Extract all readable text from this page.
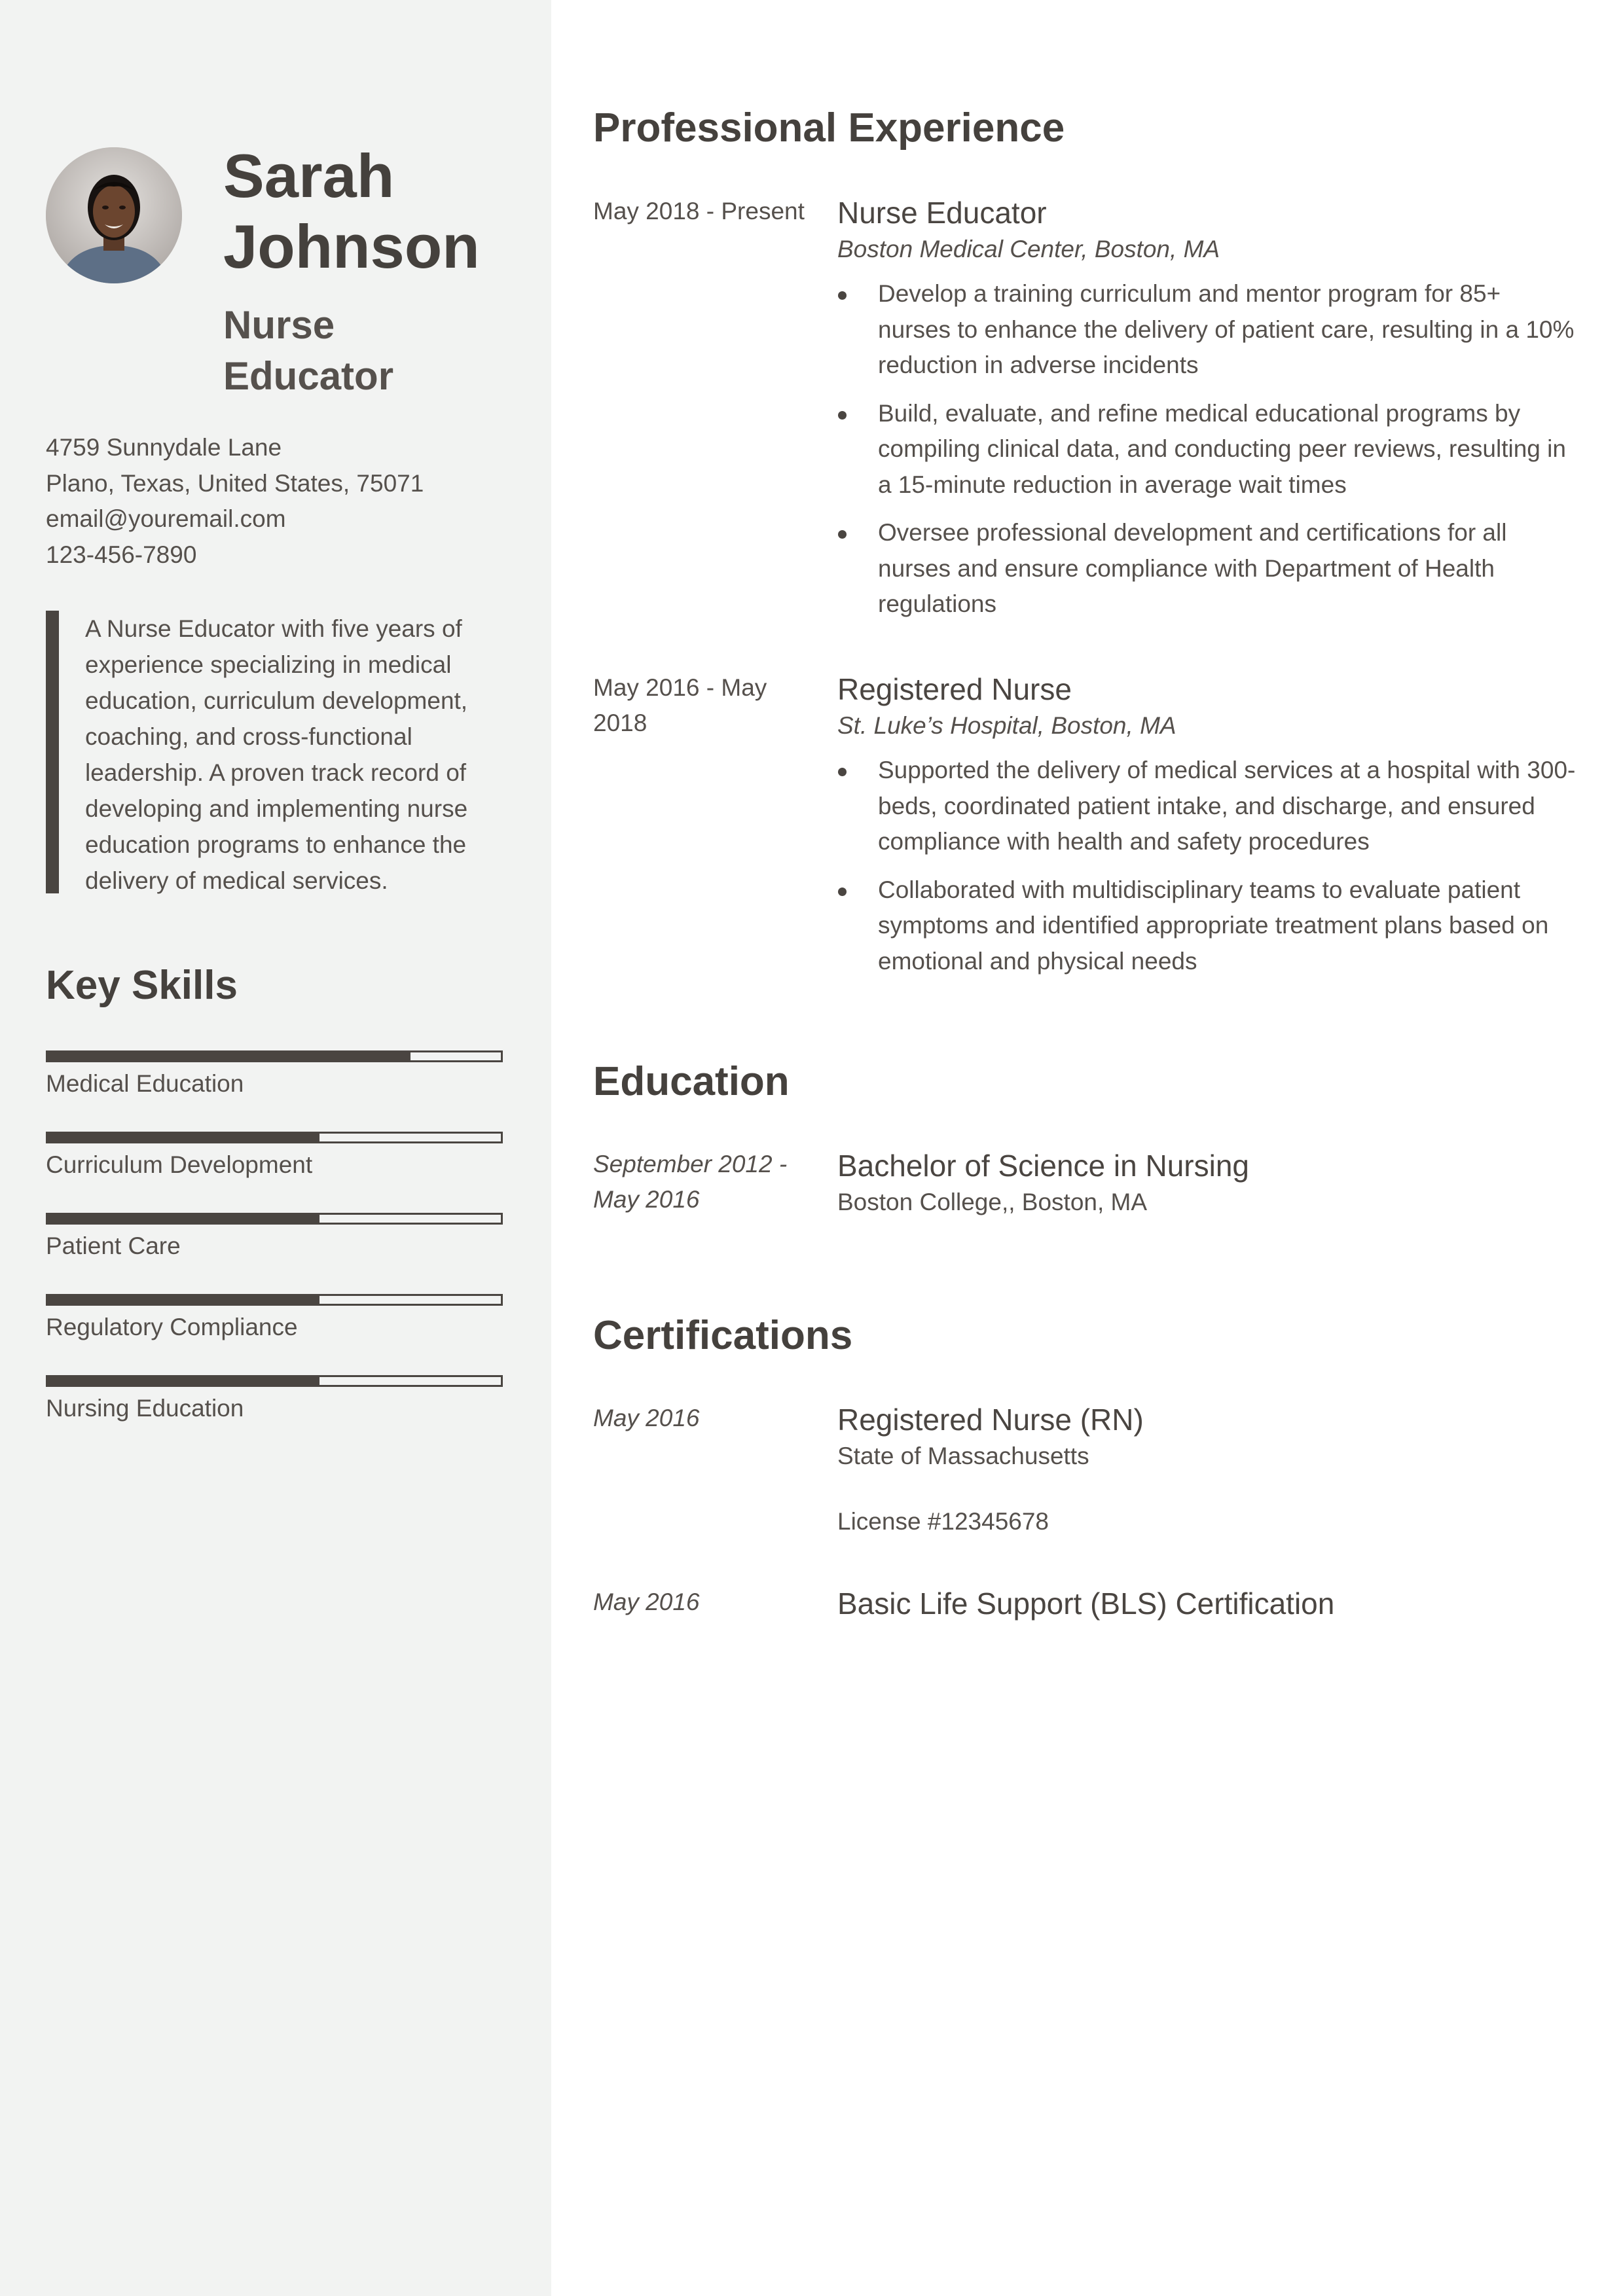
Sarah
Johnson
Nurse
Educator
4759 Sunnydale Lane
Plano, Texas, United States, 75071
email@youremail.com
123-456-7890
A Nurse Educator with five years of experience specializing in medical education, curriculum development, coaching, and cross-functional leadership. A proven track record of developing and implementing nurse education programs to enhance the delivery of medical services.
Key Skills
Medical Education
Curriculum Development
Patient Care
Regulatory Compliance
Nursing Education
Professional Experience
May 2018 - Present Nurse Educator
Boston Medical Center, Boston, MA
Develop a training curriculum and mentor program for 85+ nurses to enhance the delivery of patient care, resulting in a 10% reduction in adverse incidents
Build, evaluate, and refine medical educational programs by compiling clinical data, and conducting peer reviews, resulting in a 15-minute reduction in average wait times
Oversee professional development and certifications for all nurses and ensure compliance with Department of Health regulations
May 2016 - May 2018
Registered Nurse
St. Luke’s Hospital, Boston, MA
Supported the delivery of medical services at a hospital with 300-beds, coordinated patient intake, and discharge, and ensured compliance with health and safety procedures
Collaborated with multidisciplinary teams to evaluate patient symptoms and identified appropriate treatment plans based on emotional and physical needs
Education
September 2012 - May 2016
Bachelor of Science in Nursing
Boston College,, Boston, MA
Certifications
May 2016	Registered Nurse (RN)
State of Massachusetts
License #12345678
May 2016	Basic Life Support (BLS) Certification
